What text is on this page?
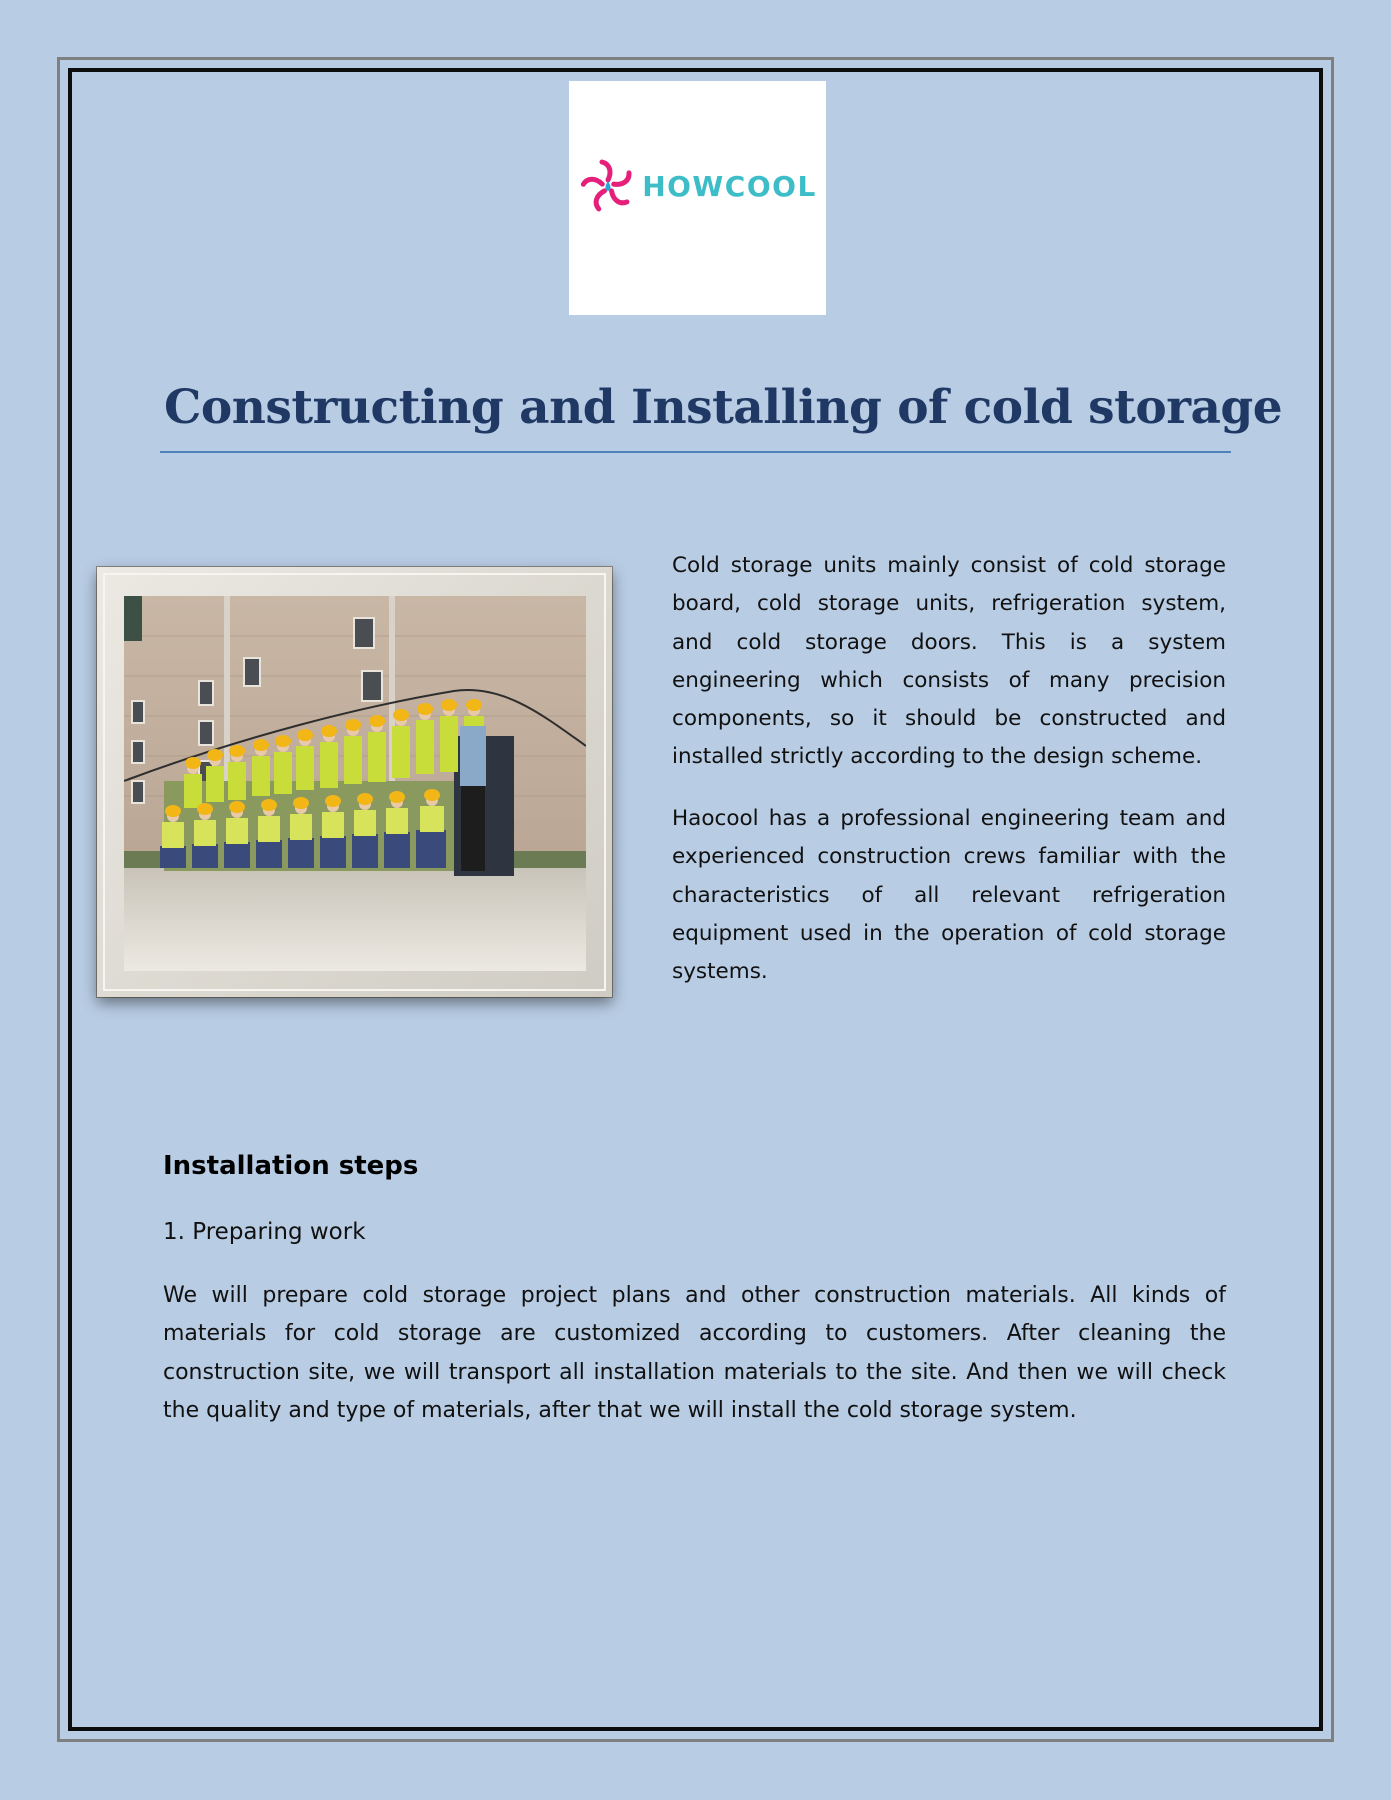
HOWCOOL
Constructing and Installing of cold storage

Cold storage units mainly consist of cold storage board, cold storage units, refrigeration system, and cold storage doors. This is a system engineering which consists of many precision components, so it should be constructed and installed strictly according to the design scheme.

Haocool has a professional engineering team and experienced construction crews familiar with the characteristics of all relevant refrigeration equipment used in the operation of cold storage systems.

Installation steps

1. Preparing work

We will prepare cold storage project plans and other construction materials. All kinds of materials for cold storage are customized according to customers. After cleaning the construction site, we will transport all installation materials to the site. And then we will check the quality and type of materials, after that we will install the cold storage system.
